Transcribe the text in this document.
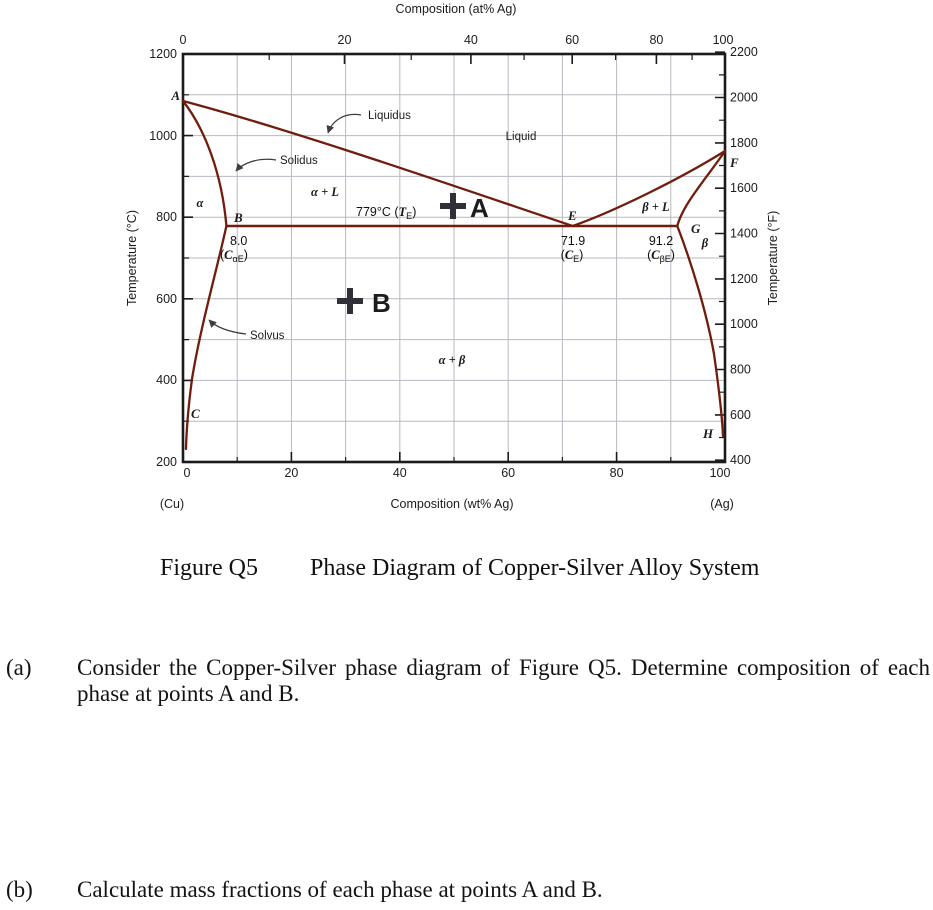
Composition (at% Ag)
Composition (wt% Ag)
(Cu)	(Ag)
Temperature (°C)	Temperature (°F)
0	20	40	60	80	100
1200
1000
800
600
400
200
2200
2000
1800
1600
1400
1200
1000
800
600
400
0	20	40	60	80	100
Liquidus
Solidus
Solvus
Liquid
α
α + L
β + L
α + β
β
A
B
C
E
F
G
H
779°C $(T_E)$
8.0
$(C_{\alpha E})$
71.9
$(C_E)$
91.2
$(C_{\beta E})$
A
B
Figure Q5 Phase Diagram of Copper-Silver Alloy System
(a) Consider the Copper-Silver phase diagram of Figure Q5. Determine composition of each phase at points A and B.
(b) Calculate mass fractions of each phase at points A and B.
